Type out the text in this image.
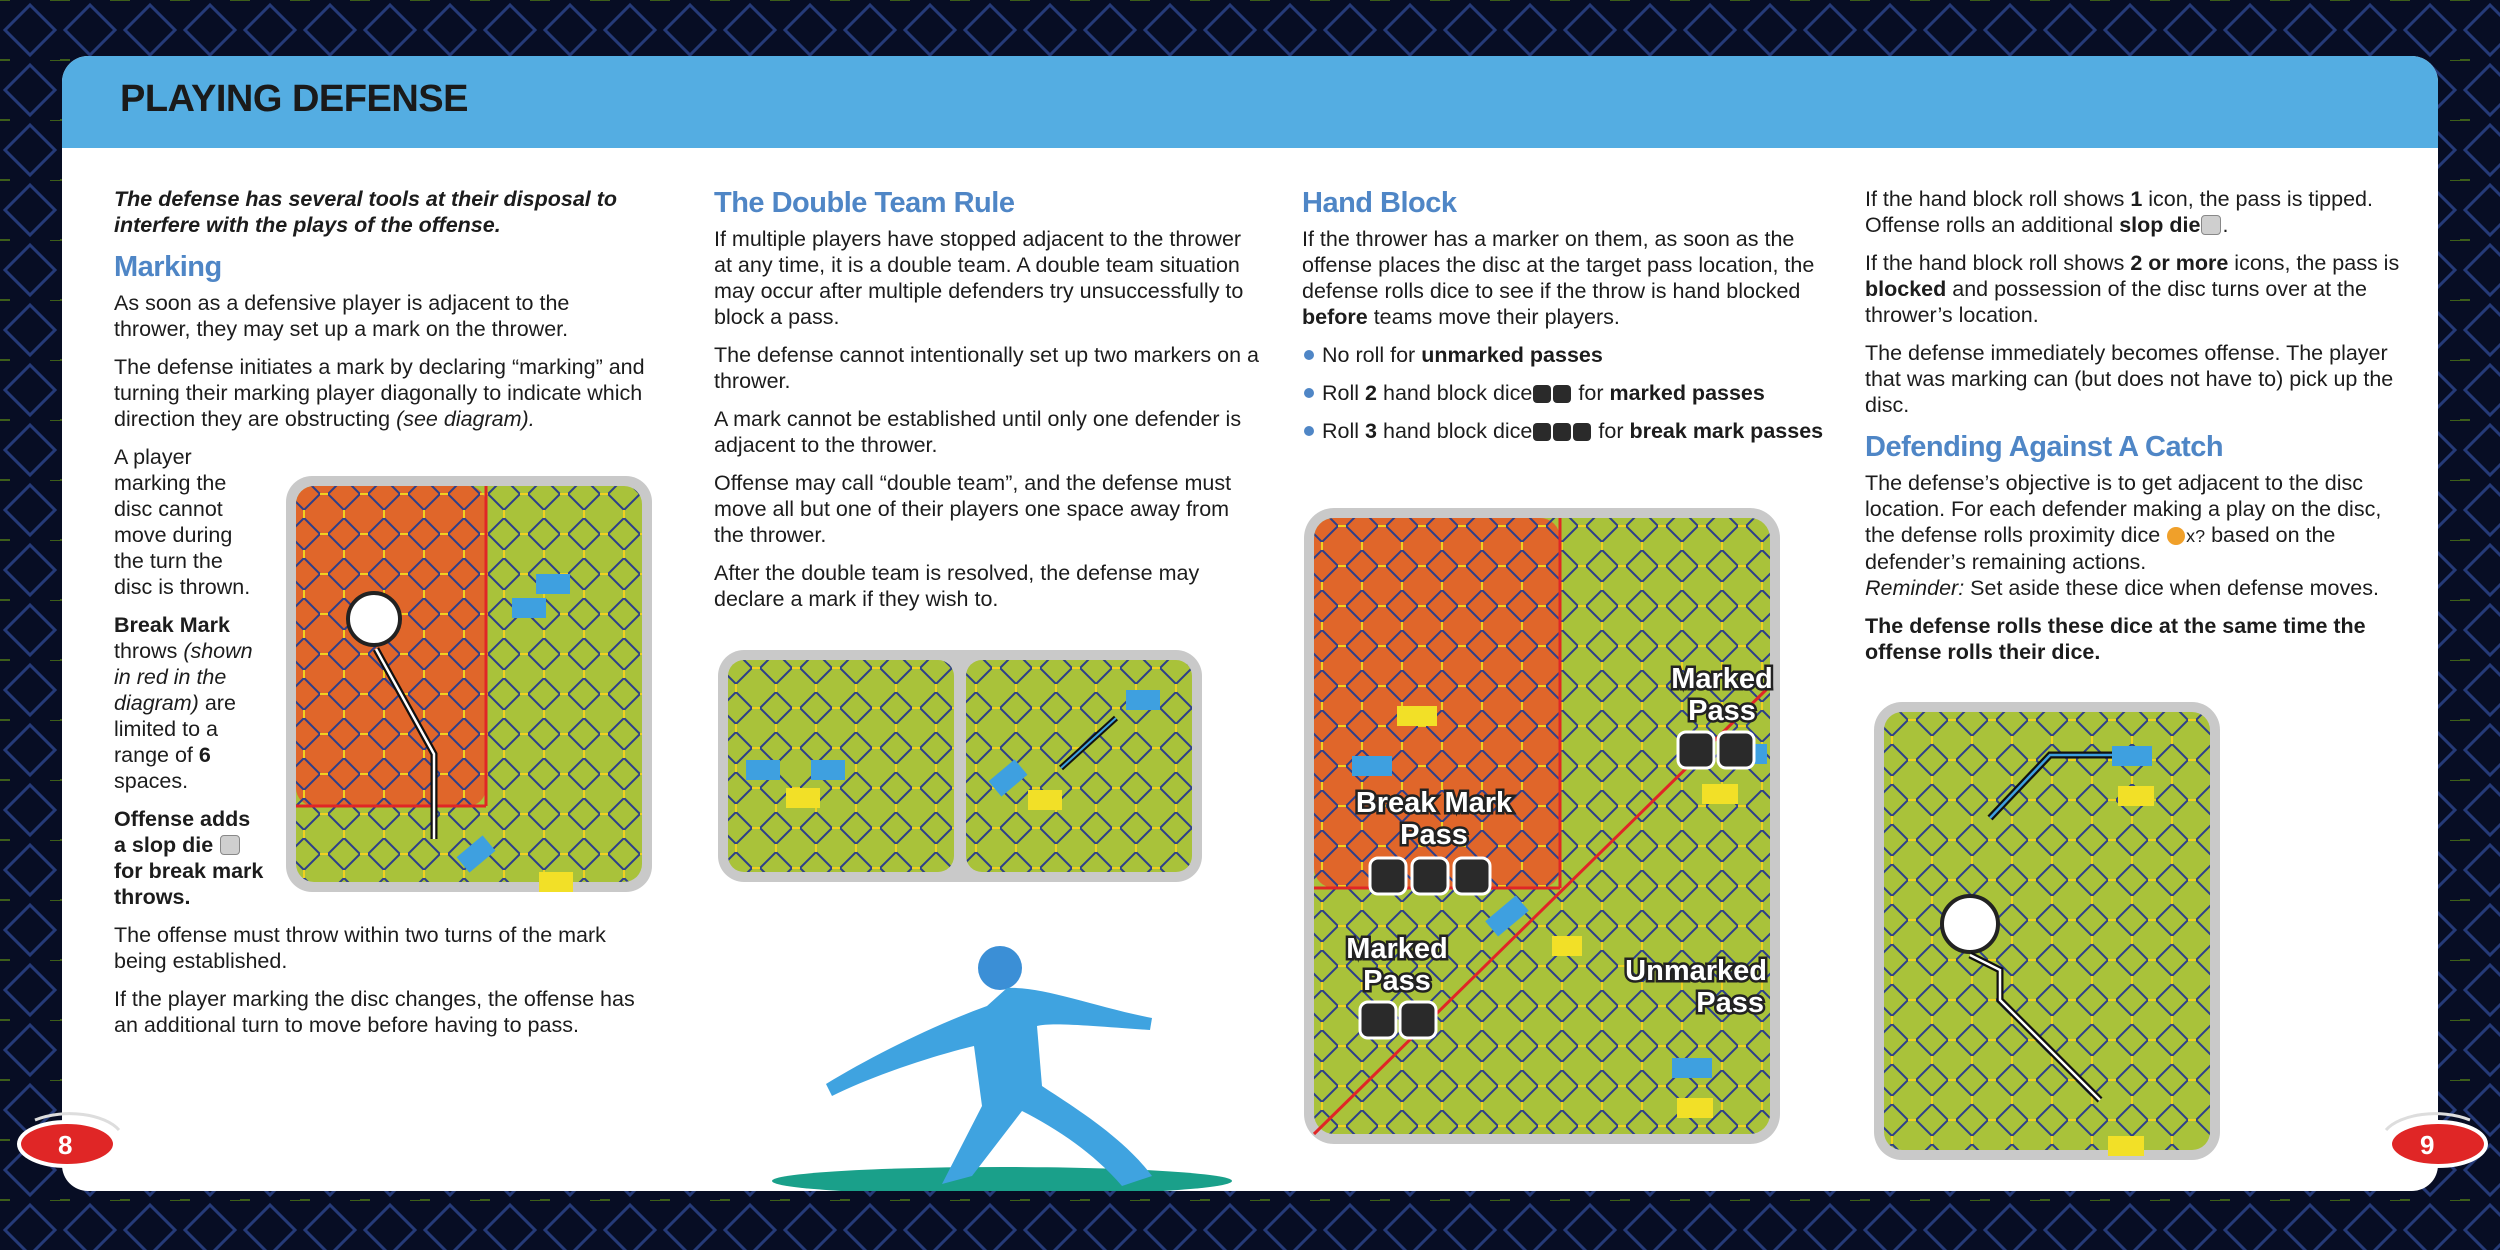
PLAYING DEFENSE

The defense has several tools at their disposal to interfere with the plays of the offense.

Marking

As soon as a defensive player is adjacent to the thrower, they may set up a mark on the thrower.

The defense initiates a mark by declaring “marking” and turning their marking player diagonally to indicate which direction they are obstructing (see diagram).

A player marking the disc cannot move during the turn the disc is thrown.

Break Mark throws (shown in red in the diagram) are limited to a range of 6 spaces.

Offense adds a slop die  for break mark throws.

The offense must throw within two turns of the mark being established.

If the player marking the disc changes, the offense has an additional turn to move before having to pass.

The Double Team Rule

If multiple players have stopped adjacent to the thrower at any time, it is a double team. A double team situation may occur after multiple defenders try unsuccessfully to block a pass.

The defense cannot intentionally set up two markers on a thrower.

A mark cannot be established until only one defender is adjacent to the thrower.

Offense may call “double team”, and the defense must move all but one of their players one space away from the thrower.

After the double team is resolved, the defense may declare a mark if they wish to.

Hand Block

If the thrower has a marker on them, as soon as the offense places the disc at the target pass location, the defense rolls dice to see if the throw is hand blocked before teams move their players.

No roll for unmarked passes

Roll 2 hand block dice for marked passes

Roll 3 hand block dice	for break mark passes

Marked
Pass
Break Mark
Pass
Marked
Pass	Unmarked
Pass

If the hand block roll shows 1 icon, the pass is tipped. Offense rolls an additional slop die .

If the hand block roll shows 2 or more icons, the pass is blocked and possession of the disc turns over at the thrower’s location.

The defense immediately becomes offense. The player that was marking can (but does not have to) pick up the disc.

Defending Against A Catch

The defense’s objective is to get adjacent to the disc location. For each defender making a play on the disc, the defense rolls proximity dice x? based on the defender’s remaining actions.

Reminder: Set aside these dice when defense moves.

The defense rolls these dice at the same time the offense rolls their dice.

8	9
